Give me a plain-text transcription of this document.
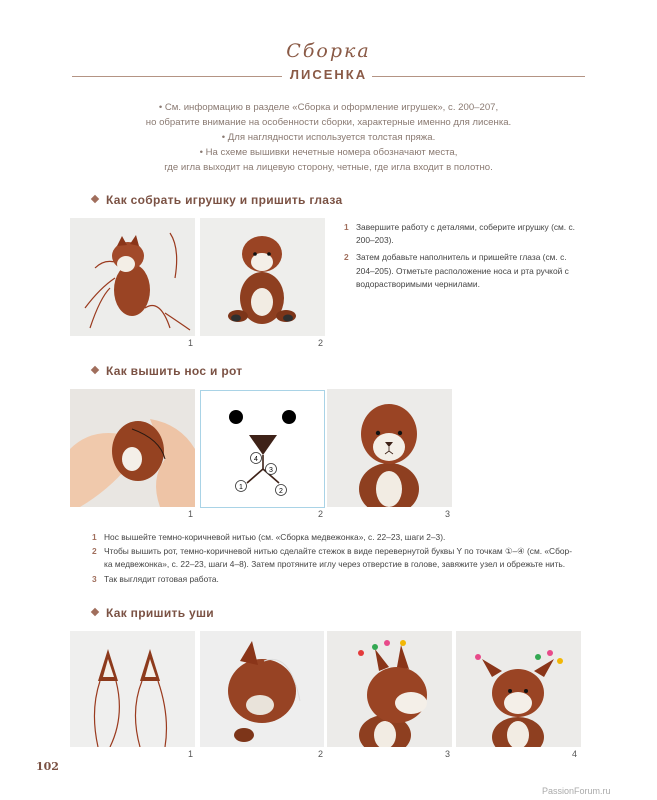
Сборка
ЛИСЕНКА
• См. информацию в разделе «Сборка и оформление игрушек», с. 200–207,
но обратите внимание на особенности сборки, характерные именно для лисенка.
• Для наглядности используется толстая пряжа.
• На схеме вышивки нечетные номера обозначают места,
где игла выходит на лицевую сторону, четные, где игла входит в полотно.
Как собрать игрушку и пришить глаза
1	2
1 Завершите работу с деталями, соберите игрушку (см. с. 200–203).
2 Затем добавьте наполнитель и пришейте глаза (см. с. 204–205). Отметьте расположение носа и рта ручкой с водорастворимыми чернилами.
Как вышить нос и рот
1
4
3
1
2
2	3
1 Нос вышейте темно-коричневой нитью (см. «Сборка медвежонка», с. 22–23, шаги 2–3).
2 Чтобы вышить рот, темно-коричневой нитью сделайте стежок в виде перевернутой буквы Y по точкам ①–④ (см. «Сбор-ка медвежонка», с. 22–23, шаги 4–8). Затем протяните иглу через отверстие в голове, завяжите узел и обрежьте нить.
3 Так выглядит готовая работа.
Как пришить уши
1	2	3	4
102
PassionForum.ru
